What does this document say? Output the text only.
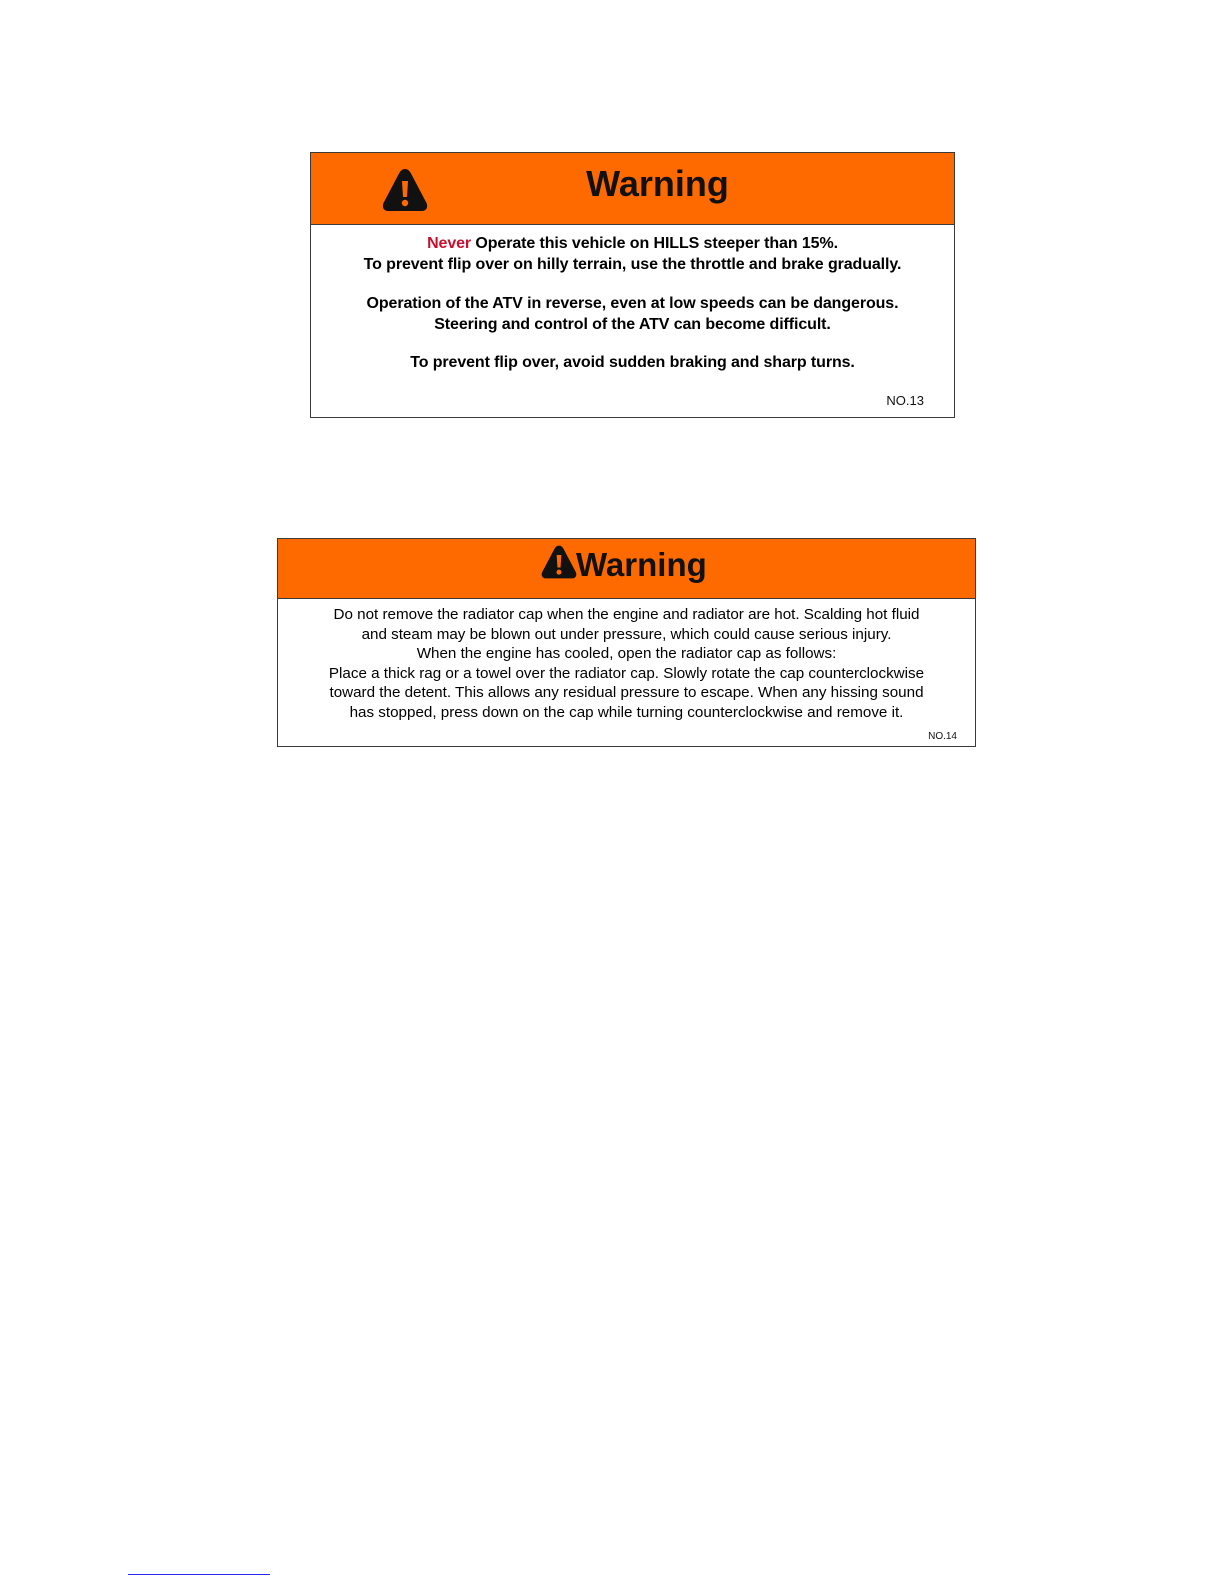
Warning
Never Operate this vehicle on HILLS steeper than 15%.
To prevent flip over on hilly terrain, use the throttle and brake gradually.
Operation of the ATV in reverse, even at low speeds can be dangerous.
Steering and control of the ATV can become difficult.
To prevent flip over, avoid sudden braking and sharp turns.
NO.13
Warning
Do not remove the radiator cap when the engine and radiator are hot. Scalding hot fluid
and steam may be blown out under pressure, which could cause serious injury.
When the engine has cooled, open the radiator cap as follows:
Place a thick rag or a towel over the radiator cap. Slowly rotate the cap counterclockwise
toward the detent. This allows any residual pressure to escape. When any hissing sound
has stopped, press down on the cap while turning counterclockwise and remove it.
NO.14
